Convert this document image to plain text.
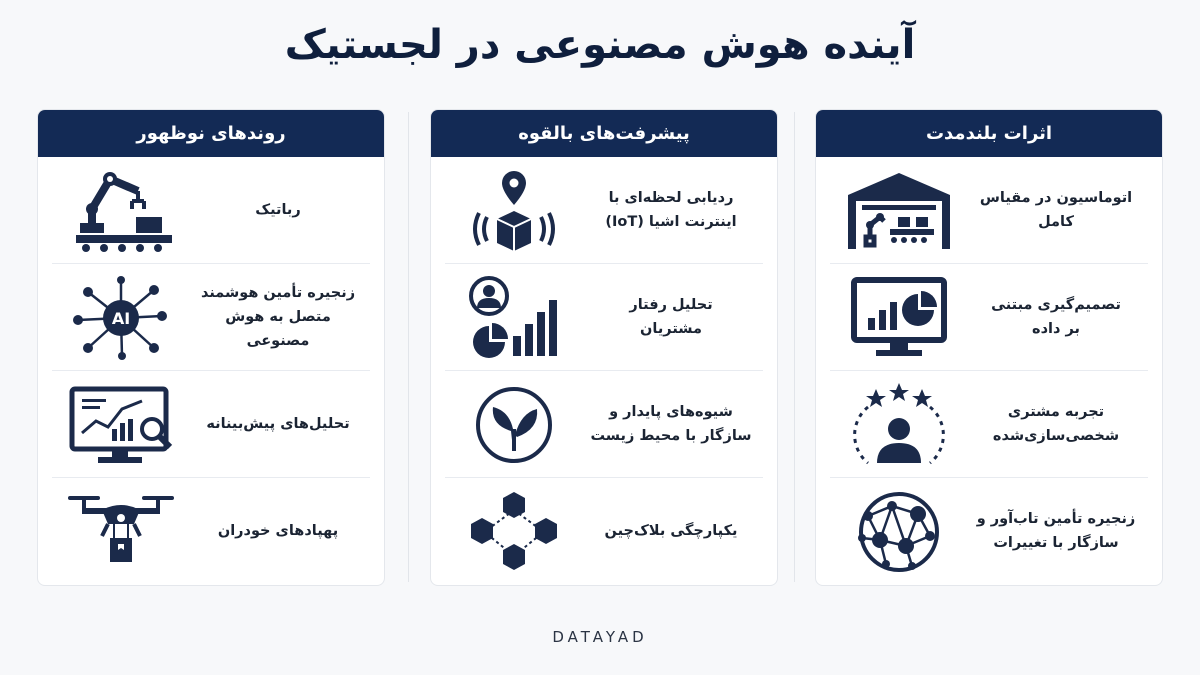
آینده هوش مصنوعی در لجستیک
اثرات بلندمدت
اتوماسیون در مقیاس
کامل
تصمیم‌گیری مبتنی
بر داده
تجربه مشتری
شخصی‌سازی‌شده
زنجیره تأمین تاب‌آور و
سازگار با تغییرات
پیشرفت‌های بالقوه
ردیابی لحظه‌ای با
اینترنت اشیا (IoT)
تحلیل رفتار
مشتریان
شیوه‌های پایدار و
سازگار با محیط زیست
یکپارچگی بلاک‌چین
روندهای نوظهور
رباتیک
AI
زنجیره تأمین هوشمند
متصل به هوش مصنوعی
تحلیل‌های پیش‌بینانه
پهپادهای خودران
DATAYAD
